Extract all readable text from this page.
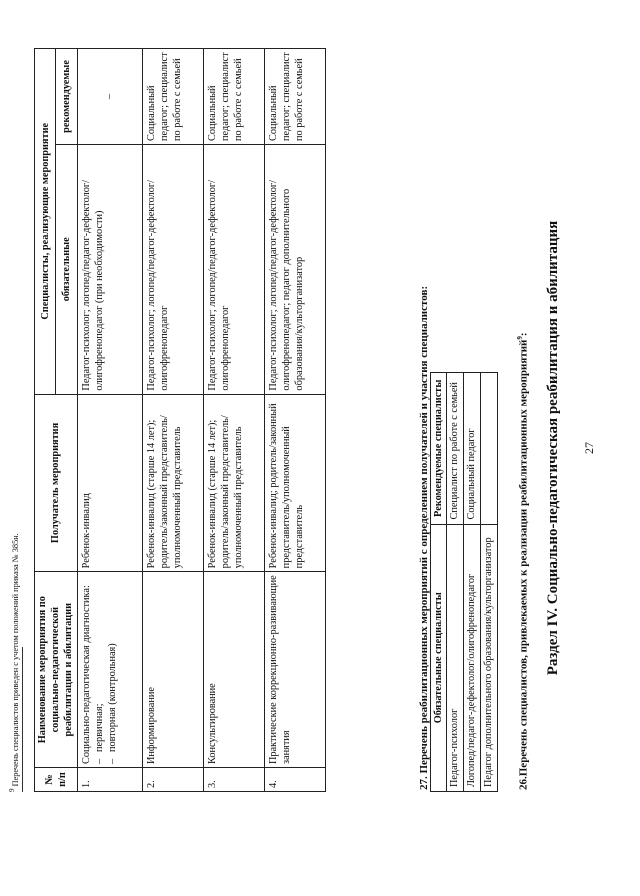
27
Раздел IV. Социально-педагогическая реабилитация и абилитация
26.Перечень специалистов, привлекаемых к реализации реабилитационных мероприятий$^9$:
Обязательные специалисты	Рекомендуемые специалисты
Педагог-психолог	Специалист по работе с семьей
Логопед/педагог-дефектолог/олигофренопедагог	Социальный педагог
Педагог дополнительного образования/культорганизатор	
27. Перечень реабилитационных мероприятий с определением получателей и участия специалистов:
№ п/п	Наименование мероприятия по социально-педагогической реабилитации и абилитации	Получатель мероприятия	Специалисты, реализующие мероприятие	
			обязательные	рекомендуемые
1.	Социально-педагогическая диагностика: –первичная;
–повторная (контрольная)	Ребенок-инвалид	Педагог-психолог; логопед/педагог-дефектолог/олигофренопедагог (при необходимости)	–
2.	Информирование	Ребенок-инвалид (старше 14 лет); родитель/законный представитель/уполномоченный представитель	Педагог-психолог; логопед/педагог-дефектолог/олигофренопедагог	Социальный педагог; специалист по работе с семьей
3.	Консультирование	Ребенок-инвалид (старше 14 лет); родитель/законный представитель/уполномоченный представитель	Педагог-психолог; логопед/педагог-дефектолог/олигофренопедагог	Социальный педагог; специалист по работе с семьей
4.	Практические коррекционно-развивающие занятия	Ребенок-инвалид; родитель/законный представитель/уполномоченный представитель	Педагог-психолог; логопед/педагог-дефектолог/олигофренопедагог; педагог дополнительного образования/культорганизатор	Социальный педагог; специалист по работе с семьей
$^9$ Перечень специалистов приведен с учетом положений приказа № 385н.
